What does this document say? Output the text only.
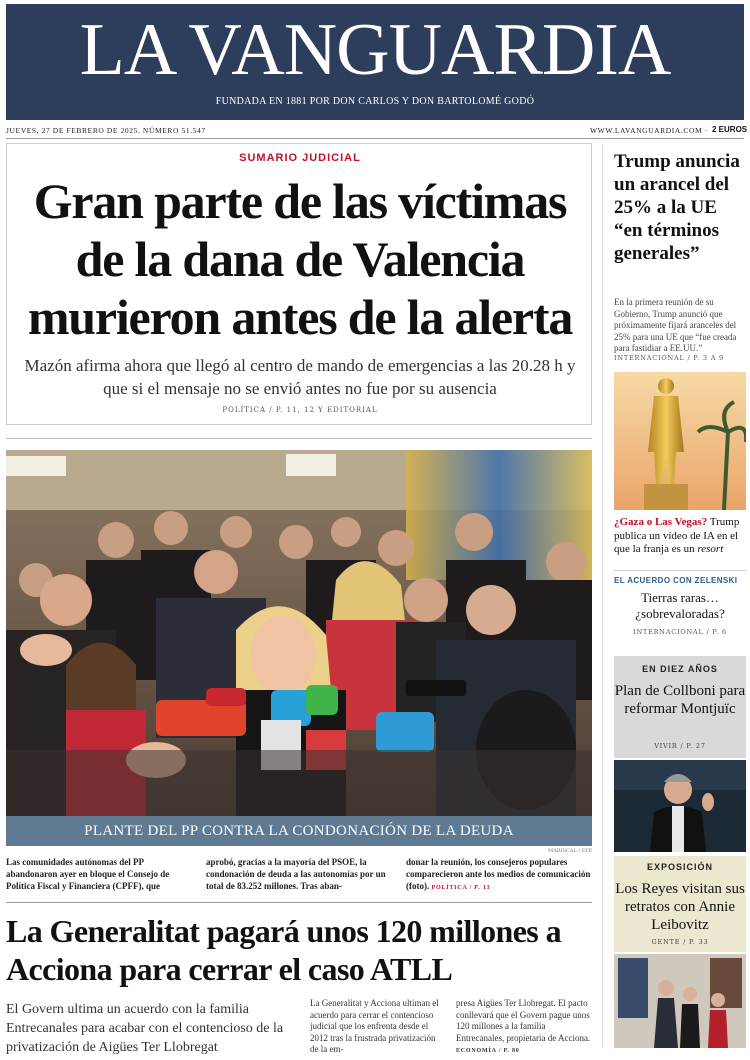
LA VANGUARDIA
FUNDADA EN 1881 POR DON CARLOS Y DON BARTOLOMÉ GODÓ
JUEVES, 27 DE FEBRERO DE 2025. NÚMERO 51.547	WWW.LAVANGUARDIA.COM · 2 EUROS
SUMARIO JUDICIAL
Gran parte de las víctimas de la dana de Valencia murieron antes de la alerta
Mazón afirma ahora que llegó al centro de mando de emergencias a las 20.28 h y que si el mensaje no se envió antes no fue por su ausencia
POLÍTICA / P. 11, 12 Y EDITORIAL
PLANTE DEL PP CONTRA LA CONDONACIÓN DE LA DEUDA
MARISCAL / EFE
Las comunidades autónomas del PP abandonaron ayer en bloque el Consejo de Política Fiscal y Financiera (CPFF), que
aprobó, gracias a la mayoría del PSOE, la condonación de deuda a las autonomías por un total de 83.252 millones. Tras aban-
donar la reunión, los consejeros populares comparecieron ante los medios de comunicación (foto). POLÍTICA / P. 13
La Generalitat pagará unos 120 millones a Acciona para cerrar el caso ATLL
El Govern ultima un acuerdo con la familia Entrecanales para acabar con el contencioso de la privatización de Aigües Ter Llobregat
La Generalitat y Acciona ultiman el acuerdo para cerrar el contencioso judicial que los enfrenta desde el 2012 tras la frustrada privatización de la em-
presa Aigües Ter Llobregat. El pacto conllevará que el Govern pague unos 120 millones a la familia Entrecanales, propietaria de Acciona. ECONOMÍA / P. 80
Trump anuncia un arancel del 25% a la UE “en términos generales”
En la primera reunión de su Gobierno, Trump anunció que próximamente fijará aranceles del 25% para una UE que “fue creada para fastidiar a EE.UU.”
INTERNACIONAL / P. 3 A 9
¿Gaza o Las Vegas? Trump publica un vídeo de IA en el que la franja es un resort
EL ACUERDO CON ZELENSKI
Tierras raras… ¿sobrevaloradas?
INTERNACIONAL / P. 6
EN DIEZ AÑOS
Plan de Collboni para reformar Montjuïc
VIVIR / P. 27
EXPOSICIÓN
Los Reyes visitan sus retratos con Annie Leibovitz
GENTE / P. 33
